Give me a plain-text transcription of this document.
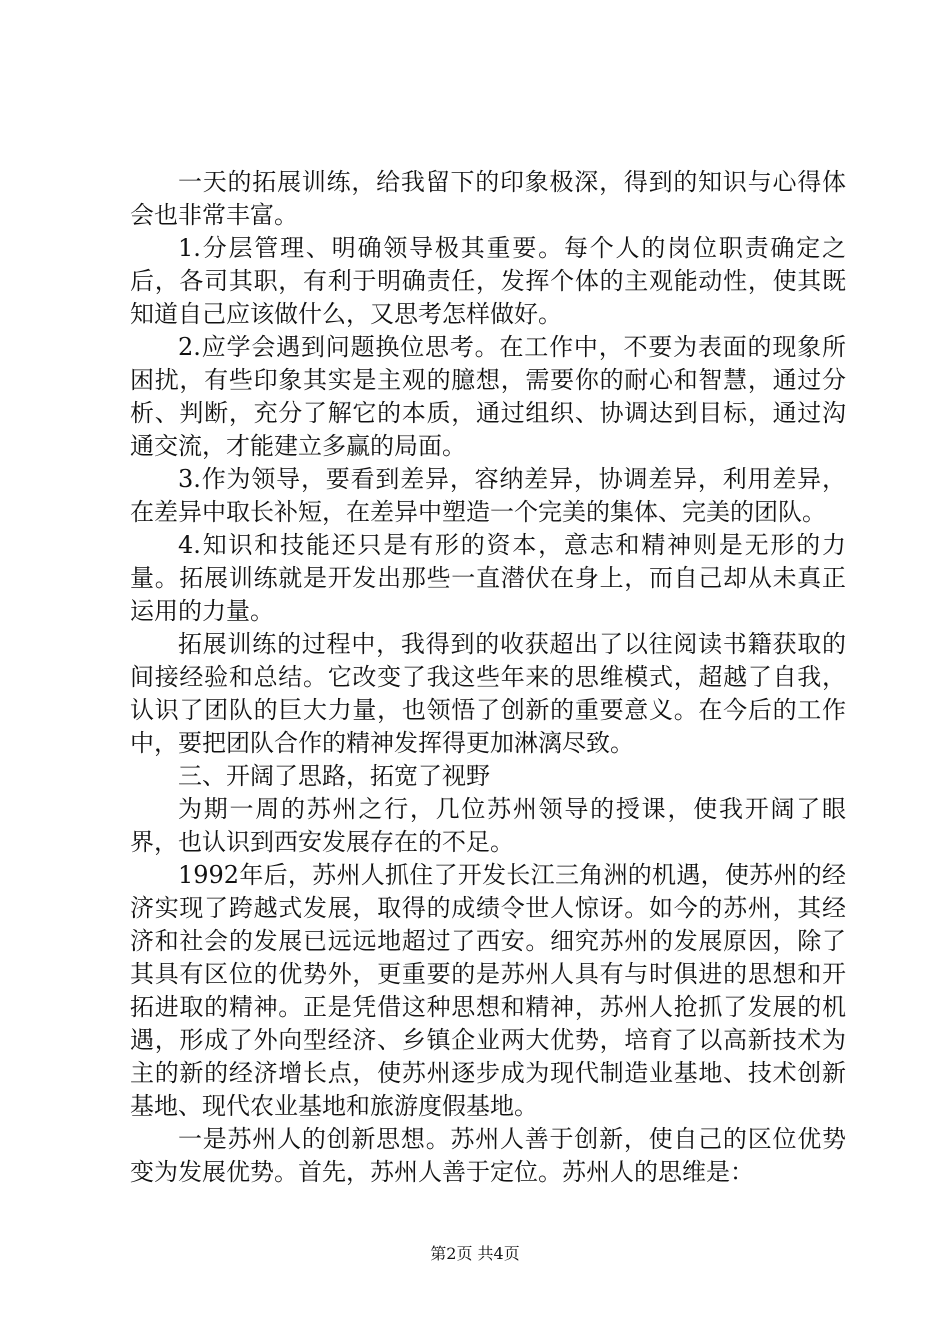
一天的拓展训练，给我留下的印象极深，得到的知识与心得体会也非常丰富。

1.分层管理、明确领导极其重要。每个人的岗位职责确定之后，各司其职，有利于明确责任，发挥个体的主观能动性，使其既知道自己应该做什么，又思考怎样做好。

2.应学会遇到问题换位思考。在工作中，不要为表面的现象所困扰，有些印象其实是主观的臆想，需要你的耐心和智慧，通过分析、判断，充分了解它的本质，通过组织、协调达到目标，通过沟通交流，才能建立多赢的局面。

3.作为领导，要看到差异，容纳差异，协调差异，利用差异，在差异中取长补短，在差异中塑造一个完美的集体、完美的团队。

4.知识和技能还只是有形的资本，意志和精神则是无形的力量。拓展训练就是开发出那些一直潜伏在身上，而自己却从未真正运用的力量。

拓展训练的过程中，我得到的收获超出了以往阅读书籍获取的间接经验和总结。它改变了我这些年来的思维模式，超越了自我，认识了团队的巨大力量，也领悟了创新的重要意义。在今后的工作中，要把团队合作的精神发挥得更加淋漓尽致。

三、开阔了思路，拓宽了视野

为期一周的苏州之行，几位苏州领导的授课，使我开阔了眼界，也认识到西安发展存在的不足。

1992年后，苏州人抓住了开发长江三角洲的机遇，使苏州的经济实现了跨越式发展，取得的成绩令世人惊讶。如今的苏州，其经济和社会的发展已远远地超过了西安。细究苏州的发展原因，除了其具有区位的优势外，更重要的是苏州人具有与时俱进的思想和开拓进取的精神。正是凭借这种思想和精神，苏州人抢抓了发展的机遇，形成了外向型经济、乡镇企业两大优势，培育了以高新技术为主的新的经济增长点，使苏州逐步成为现代制造业基地、技术创新基地、现代农业基地和旅游度假基地。

一是苏州人的创新思想。苏州人善于创新，使自己的区位优势变为发展优势。首先，苏州人善于定位。苏州人的思维是：

第2页 共4页
